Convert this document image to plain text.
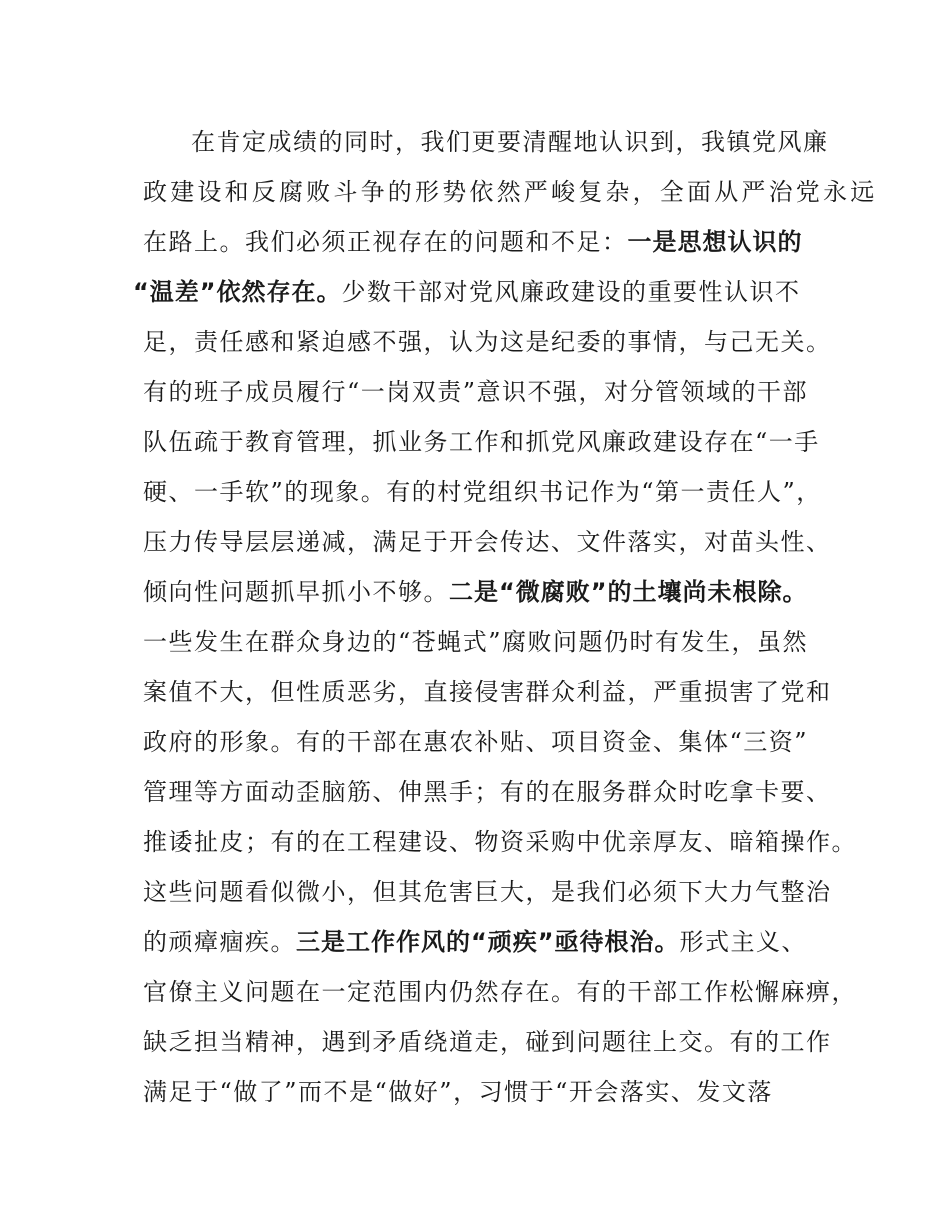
在肯定成绩的同时，我们更要清醒地认识到，我镇党风廉
政建设和反腐败斗争的形势依然严峻复杂，全面从严治党永远
在路上。我们必须正视存在的问题和不足：一是思想认识的
“温差”依然存在。少数干部对党风廉政建设的重要性认识不
足，责任感和紧迫感不强，认为这是纪委的事情，与己无关。
有的班子成员履行“一岗双责”意识不强，对分管领域的干部
队伍疏于教育管理，抓业务工作和抓党风廉政建设存在“一手
硬、一手软”的现象。有的村党组织书记作为“第一责任人”，
压力传导层层递减，满足于开会传达、文件落实，对苗头性、
倾向性问题抓早抓小不够。二是“微腐败”的土壤尚未根除。
一些发生在群众身边的“苍蝇式”腐败问题仍时有发生，虽然
案值不大，但性质恶劣，直接侵害群众利益，严重损害了党和
政府的形象。有的干部在惠农补贴、项目资金、集体“三资”
管理等方面动歪脑筋、伸黑手；有的在服务群众时吃拿卡要、
推诿扯皮；有的在工程建设、物资采购中优亲厚友、暗箱操作。
这些问题看似微小，但其危害巨大，是我们必须下大力气整治
的顽瘴痼疾。三是工作作风的“顽疾”亟待根治。形式主义、
官僚主义问题在一定范围内仍然存在。有的干部工作松懈麻痹，
缺乏担当精神，遇到矛盾绕道走，碰到问题往上交。有的工作
满足于“做了”而不是“做好”，习惯于“开会落实、发文落
